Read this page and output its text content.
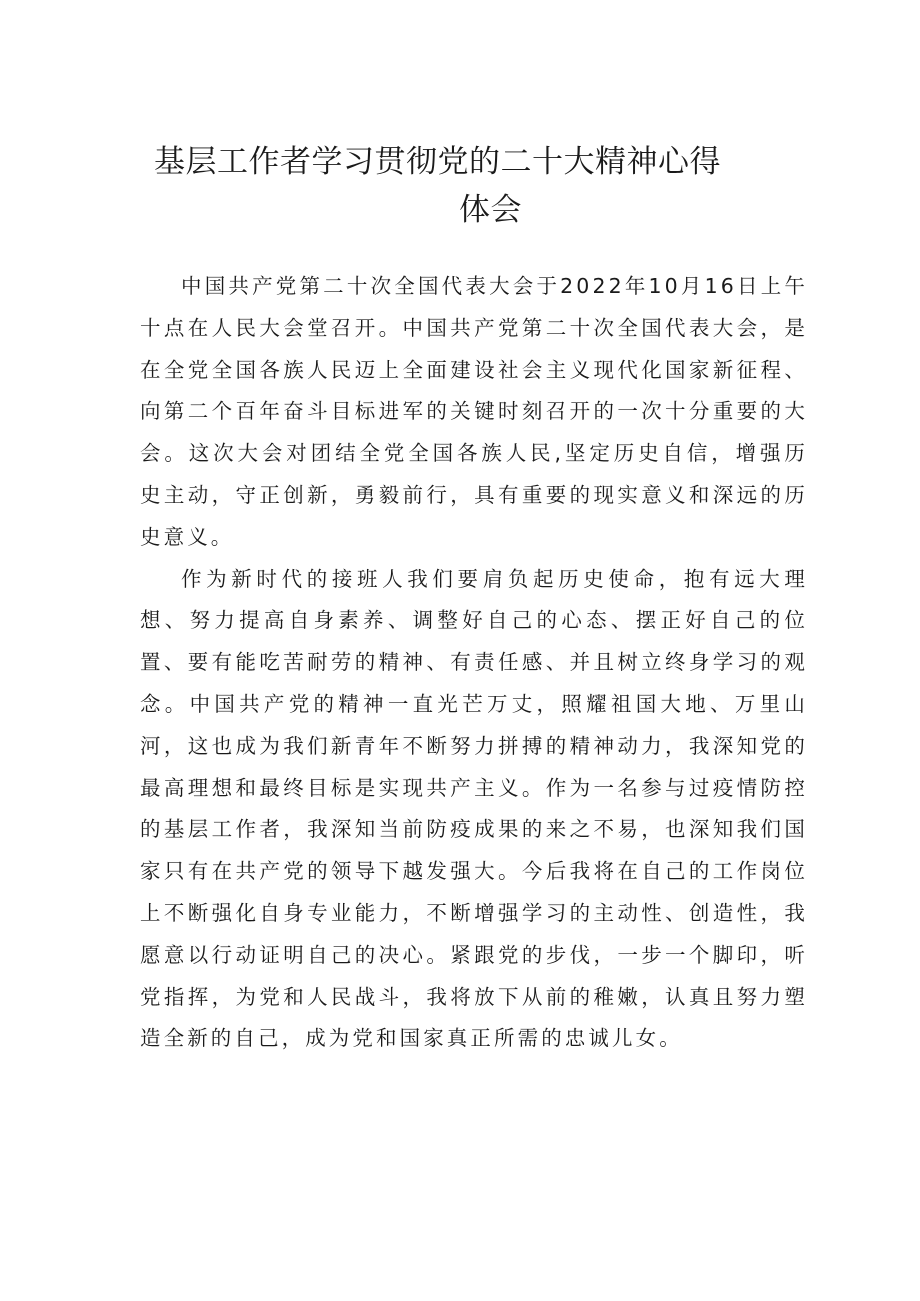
基层工作者学习贯彻党的二十大精神心得
体会

中国共产党第二十次全国代表大会于2022年10月16日上午十点在人民大会堂召开。中国共产党第二十次全国代表大会，是在全党全国各族人民迈上全面建设社会主义现代化国家新征程、向第二个百年奋斗目标进军的关键时刻召开的一次十分重要的大会。这次大会对团结全党全国各族人民,坚定历史自信，增强历史主动，守正创新，勇毅前行，具有重要的现实意义和深远的历史意义。

作为新时代的接班人我们要肩负起历史使命，抱有远大理想、努力提高自身素养、调整好自己的心态、摆正好自己的位置、要有能吃苦耐劳的精神、有责任感、并且树立终身学习的观念。中国共产党的精神一直光芒万丈，照耀祖国大地、万里山河，这也成为我们新青年不断努力拼搏的精神动力，我深知党的最高理想和最终目标是实现共产主义。作为一名参与过疫情防控的基层工作者，我深知当前防疫成果的来之不易，也深知我们国家只有在共产党的领导下越发强大。今后我将在自己的工作岗位上不断强化自身专业能力，不断增强学习的主动性、创造性，我愿意以行动证明自己的决心。紧跟党的步伐，一步一个脚印，听党指挥，为党和人民战斗，我将放下从前的稚嫩，认真且努力塑造全新的自己，成为党和国家真正所需的忠诚儿女。
